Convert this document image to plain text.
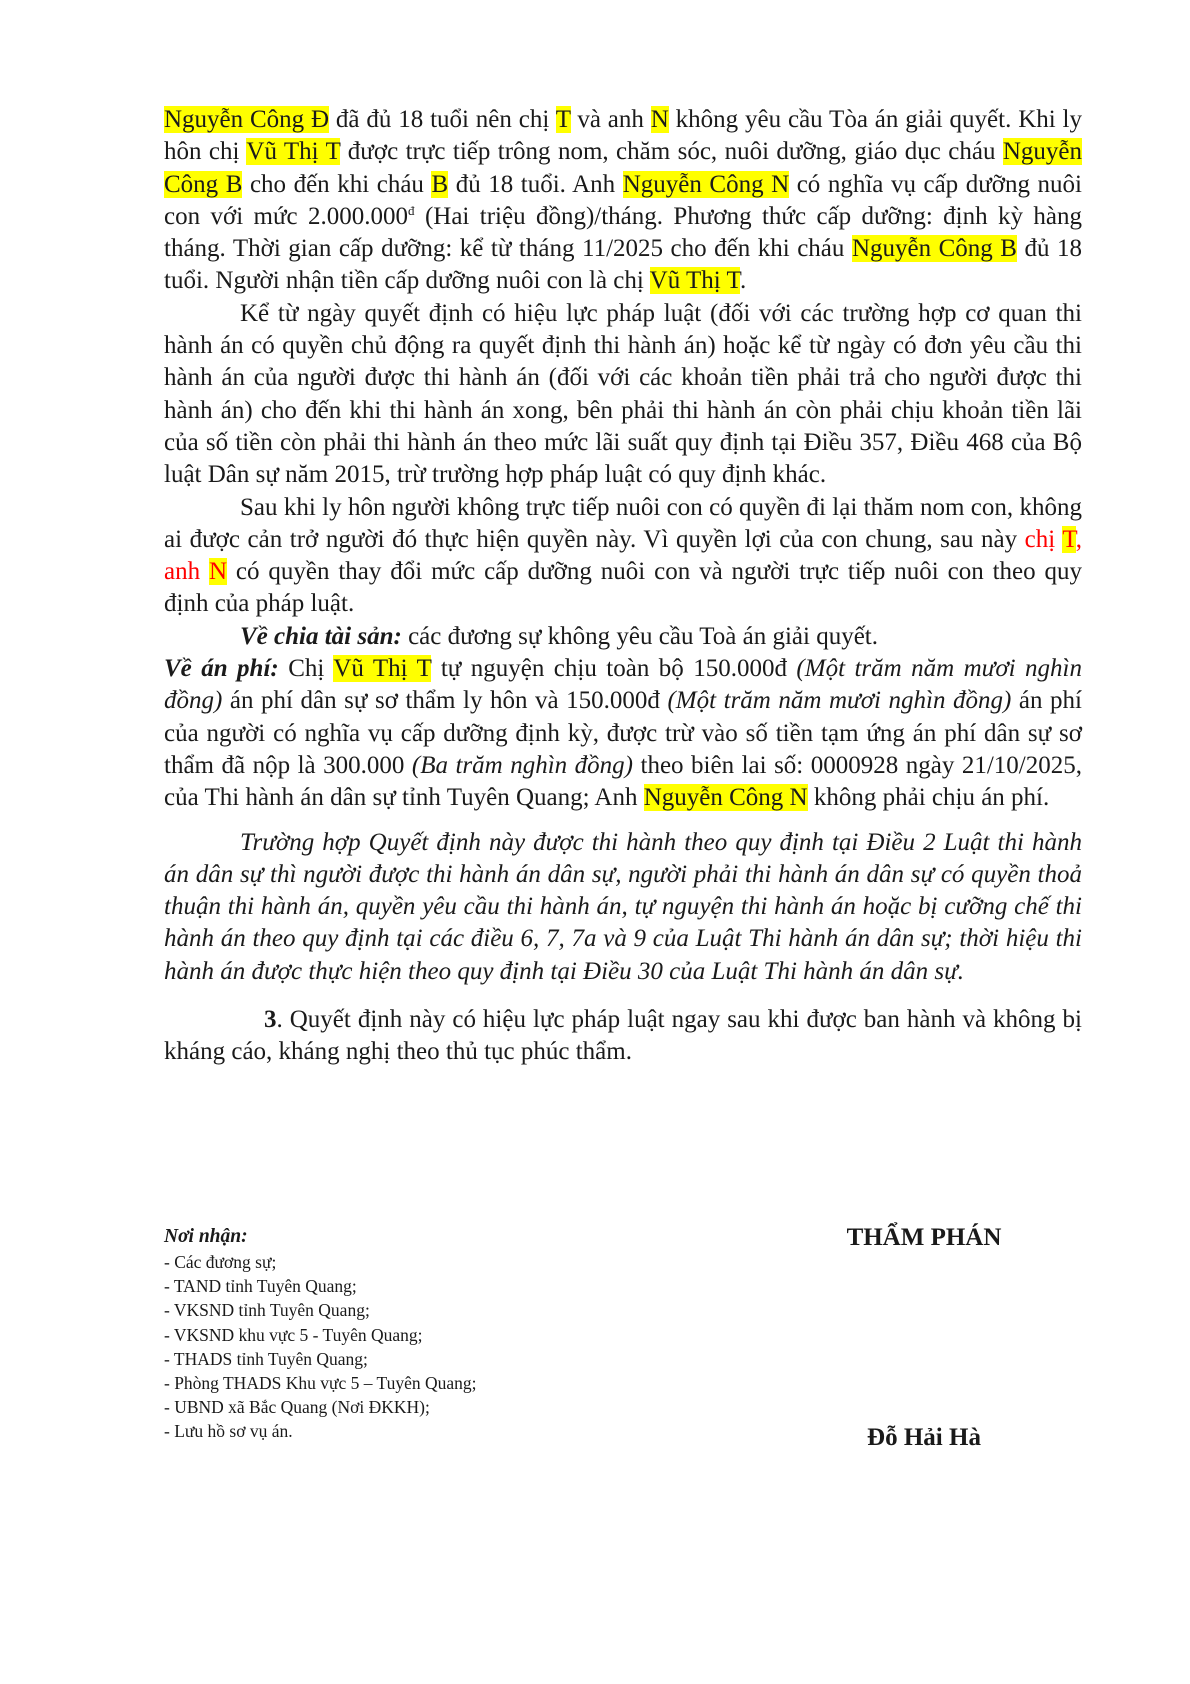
Nguyễn Công Đ đã đủ 18 tuổi nên chị T và anh N không yêu cầu Tòa án giải quyết. Khi ly hôn chị Vũ Thị T được trực tiếp trông nom, chăm sóc, nuôi dưỡng, giáo dục cháu Nguyễn Công B cho đến khi cháu B đủ 18 tuổi. Anh Nguyễn Công N có nghĩa vụ cấp dưỡng nuôi con với mức $2.000.000^đ$ (Hai triệu đồng)/tháng. Phương thức cấp dưỡng: định kỳ hàng tháng. Thời gian cấp dưỡng: kể từ tháng 11/2025 cho đến khi cháu Nguyễn Công B đủ 18 tuổi. Người nhận tiền cấp dưỡng nuôi con là chị Vũ Thị T.

Kể từ ngày quyết định có hiệu lực pháp luật (đối với các trường hợp cơ quan thi hành án có quyền chủ động ra quyết định thi hành án) hoặc kể từ ngày có đơn yêu cầu thi hành án của người được thi hành án (đối với các khoản tiền phải trả cho người được thi hành án) cho đến khi thi hành án xong, bên phải thi hành án còn phải chịu khoản tiền lãi của số tiền còn phải thi hành án theo mức lãi suất quy định tại Điều 357, Điều 468 của Bộ luật Dân sự năm 2015, trừ trường hợp pháp luật có quy định khác.

Sau khi ly hôn người không trực tiếp nuôi con có quyền đi lại thăm nom con, không ai được cản trở người đó thực hiện quyền này. Vì quyền lợi của con chung, sau này chị T, anh N có quyền thay đổi mức cấp dưỡng nuôi con và người trực tiếp nuôi con theo quy định của pháp luật.

Về chia tài sản: các đương sự không yêu cầu Toà án giải quyết.

Về án phí: Chị Vũ Thị T tự nguyện chịu toàn bộ 150.000đ (Một trăm năm mươi nghìn đồng) án phí dân sự sơ thẩm ly hôn và 150.000đ (Một trăm năm mươi nghìn đồng) án phí của người có nghĩa vụ cấp dưỡng định kỳ, được trừ vào số tiền tạm ứng án phí dân sự sơ thẩm đã nộp là 300.000 (Ba trăm nghìn đồng) theo biên lai số: 0000928 ngày 21/10/2025, của Thi hành án dân sự tỉnh Tuyên Quang; Anh Nguyễn Công N không phải chịu án phí.

Trường hợp Quyết định này được thi hành theo quy định tại Điều 2 Luật thi hành án dân sự thì người được thi hành án dân sự, người phải thi hành án dân sự có quyền thoả thuận thi hành án, quyền yêu cầu thi hành án, tự nguyện thi hành án hoặc bị cưỡng chế thi hành án theo quy định tại các điều 6, 7, 7a và 9 của Luật Thi hành án dân sự; thời hiệu thi hành án được thực hiện theo quy định tại Điều 30 của Luật Thi hành án dân sự.

3. Quyết định này có hiệu lực pháp luật ngay sau khi được ban hành và không bị kháng cáo, kháng nghị theo thủ tục phúc thẩm.

Nơi nhận:
- Các đương sự;
- TAND tỉnh Tuyên Quang;
- VKSND tỉnh Tuyên Quang;
- VKSND khu vực 5 - Tuyên Quang;
- THADS tỉnh Tuyên Quang;
- Phòng THADS Khu vực 5 – Tuyên Quang;
- UBND xã Bắc Quang (Nơi ĐKKH);
- Lưu hồ sơ vụ án.
THẨM PHÁN
Đỗ Hải Hà
